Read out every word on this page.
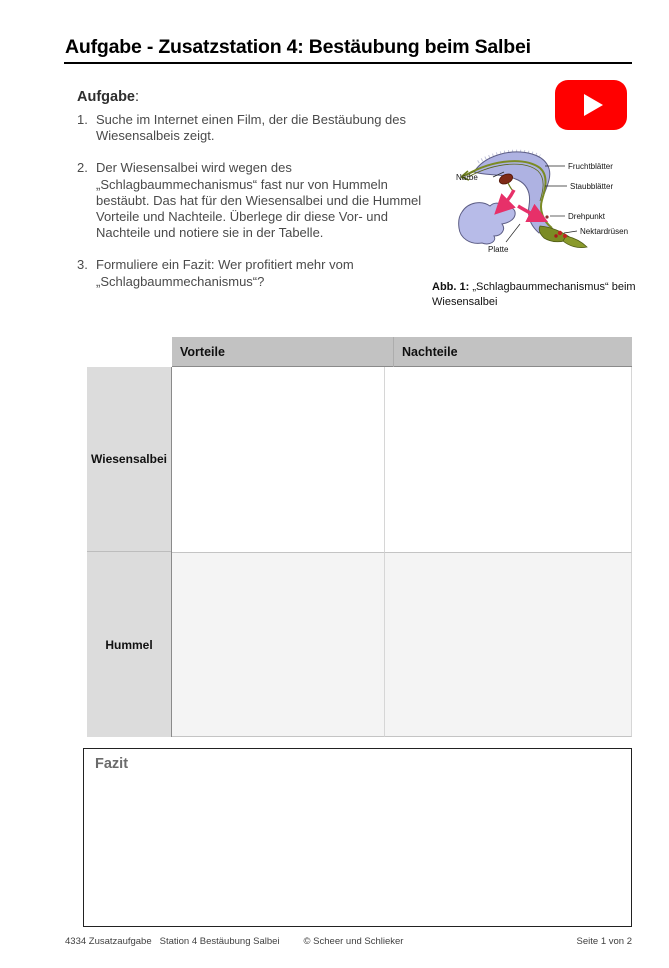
Aufgabe - Zusatzstation 4: Bestäubung beim Salbei
Aufgabe:
1. Suche im Internet einen Film, der die Bestäubung des Wiesensalbeis zeigt.
2. Der Wiesensalbei wird wegen des „Schlagbaummechanismus“ fast nur von Hummeln bestäubt. Das hat für den Wiesensalbei und die Hummel Vorteile und Nachteile. Überlege dir diese Vor- und Nachteile und notiere sie in der Tabelle.
3. Formuliere ein Fazit: Wer profitiert mehr vom „Schlagbaummechanismus“?
Narbe
Fruchtblätter
Staubblätter
Drehpunkt
Nektardrüsen
Platte
Abb. 1: „Schlagbaummechanismus“ beim Wiesensalbei
Vorteile	Nachteile
Wiesensalbei
Hummel
Fazit
4334 Zusatzaufgabe Station 4 Bestäubung Salbei	© Scheer und Schlieker	Seite 1 von 2
